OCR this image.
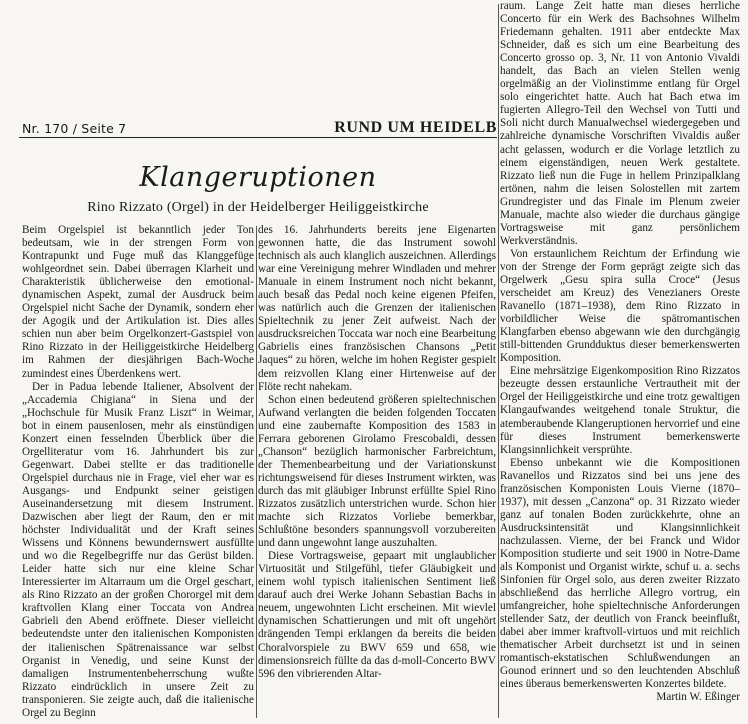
Nr. 170 / Seite 7	RUND UM HEIDELB
Klangeruptionen
Rino Rizzato (Orgel) in der Heidelberger Heiliggeistkirche

Beim Orgelspiel ist bekanntlich jeder Ton bedeutsam, wie in der strengen Form von Kontrapunkt und Fuge muß das Klanggefüge wohlgeordnet sein. Dabei überragen Klarheit und Charakteristik üblicherweise den emotional-dynamischen Aspekt, zumal der Ausdruck beim Orgelspiel nicht Sache der Dynamik, sondern eher der Agogik und der Artikulation ist. Dies alles schien nun aber beim Orgelkonzert-Gastspiel von Rino Rizzato in der Heiliggeistkirche Heidelberg im Rahmen der diesjährigen Bach-Woche zumindest eines Überdenkens wert.

Der in Padua lebende Italiener, Absolvent der „Accademia Chigiana“ in Siena und der „Hochschule für Musik Franz Liszt“ in Weimar, bot in einem pausenlosen, mehr als einstündigen Konzert einen fesselnden Überblick über die Orgelliteratur vom 16. Jahrhundert bis zur Gegenwart. Dabei stellte er das traditionelle Orgelspiel durchaus nie in Frage, viel eher war es Ausgangs- und Endpunkt seiner geistigen Auseinandersetzung mit diesem Instrument. Dazwischen aber liegt der Raum, den er mit höchster Individualität und der Kraft seines Wissens und Könnens bewundernswert ausfüllte und wo die Regelbegriffe nur das Gerüst bilden. Leider hatte sich nur eine kleine Schar Interessierter im Altarraum um die Orgel geschart, als Rino Rizzato an der großen Chororgel mit dem kraftvollen Klang einer Toccata von Andrea Gabrieli den Abend eröffnete. Dieser vielleicht bedeutendste unter den italienischen Komponisten der italienischen Spätrenaissance war selbst Organist in Venedig, und seine Kunst der damaligen Instrumentenbeherrschung wußte Rizzato eindrücklich in unsere Zeit zu transponieren. Sie zeigte auch, daß die italienische Orgel zu Beginn

des 16. Jahrhunderts bereits jene Eigenarten gewonnen hatte, die das Instrument sowohl technisch als auch klanglich auszeichnen. Allerdings war eine Vereinigung mehrer Windladen und mehrer Manuale in einem Instrument noch nicht bekannt, auch besaß das Pedal noch keine eigenen Pfeifen, was natürlich auch die Grenzen der italienischen Spieltechnik zu jener Zeit aufweist. Nach der ausdrucksreichen Toccata war noch eine Bearbeitung Gabrielis eines französischen Chansons „Petit Jaques“ zu hören, welche im hohen Register gespielt dem reizvollen Klang einer Hirtenweise auf der Flöte recht nahekam.

Schon einen bedeutend größeren spieltechnischen Aufwand verlangten die beiden folgenden Toccaten und eine zaubernafte Komposition des 1583 in Ferrara geborenen Girolamo Frescobaldi, dessen „Chanson“ bezüglich harmonischer Farbreichtum, der Themenbearbeitung und der Variationskunst richtungsweisend für dieses Instrument wirkten, was durch das mit gläubiger Inbrunst erfüllte Spiel Rino Rizzatos zusätzlich unterstrichen wurde. Schon hier machte sich Rizzatos Vorliebe bemerkbar, Schlußtöne besonders spannungsvoll vorzubereiten und dann ungewohnt lange auszuhalten.

Diese Vortragsweise, gepaart mit unglaublicher Virtuosität und Stilgefühl, tiefer Gläubigkeit und einem wohl typisch italienischen Sentiment ließ darauf auch drei Werke Johann Sebastian Bachs in neuem, ungewohnten Licht erscheinen. Mit wievlel dynamischen Schattierungen und mit oft ungehört drängenden Tempi erklangen da bereits die beiden Choralvorspiele zu BWV 659 und 658, wie dimensionsreich füllte da das d-moll-Concerto BWV 596 den vibrierenden Altar-

raum. Lange Zeit hatte man dieses herrliche Concerto für ein Werk des Bachsohnes Wilhelm Friedemann gehalten. 1911 aber entdeckte Max Schneider, daß es sich um eine Bearbeitung des Concerto grosso op. 3, Nr. 11 von Antonio Vivaldi handelt, das Bach an vielen Stellen wenig orgelmäßig an der Violinstimme entlang für Orgel solo eingerichtet hatte. Auch hat Bach etwa im fugierten Allegro-Teil den Wechsel von Tutti und Soli nicht durch Manualwechsel wiedergegeben und zahlreiche dynamische Vorschriften Vivaldis außer acht gelassen, wodurch er die Vorlage letztlich zu einem eigenständigen, neuen Werk gestaltete. Rizzato ließ nun die Fuge in hellem Prinzipalklang ertönen, nahm die leisen Solostellen mit zartem Grundregister und das Finale im Plenum zweier Manuale, machte also wieder die durchaus gängige Vortragsweise mit ganz persönlichem Werkverständnis.

Von erstaunlichem Reichtum der Erfindung wie von der Strenge der Form geprägt zeigte sich das Orgelwerk „Gesu spira sulla Croce“ (Jesus verscheidet am Kreuz) des Venezianers Oreste Ravanello (1871–1938), dem Rino Rizzato in vorbildlicher Weise die spätromantischen Klangfarben ebenso abgewann wie den durchgängig still-bittenden Grundduktus dieser bemerkenswerten Komposition.

Eine mehrsätzige Eigenkomposition Rino Rizzatos bezeugte dessen erstaunliche Vertrautheit mit der Orgel der Heiliggeistkirche und eine trotz gewaltigen Klangaufwandes weitgehend tonale Struktur, die atemberaubende Klangeruptionen hervorrief und eine für dieses Instrument bemerkenswerte Klangsinnlichkeit versprühte.

Ebenso unbekannt wie die Kompositionen Ravanellos und Rizzatos sind bei uns jene des französischen Komponisten Louis Vierne (1870–1937), mit dessen „Canzona“ op. 31 Rizzato wieder ganz auf tonalen Boden zurückkehrte, ohne an Ausdrucksintensität und Klangsinnlichkeit nachzulassen. Vierne, der bei Franck und Widor Komposition studierte und seit 1900 in Notre-Dame als Komponist und Organist wirkte, schuf u. a. sechs Sinfonien für Orgel solo, aus deren zweiter Rizzato abschließend das herrliche Allegro vortrug, ein umfangreicher, hohe spieltechnische Anforderungen stellender Satz, der deutlich von Franck beeinflußt, dabei aber immer kraftvoll-virtuos und mit reichlich thematischer Arbeit durchsetzt ist und in seinen romantisch-ekstatischen Schlußwendungen an Gounod erinnert und so den leuchtenden Abschluß eines überaus bemerkenswerten Konzertes bildete.

Martin W. Eßinger
